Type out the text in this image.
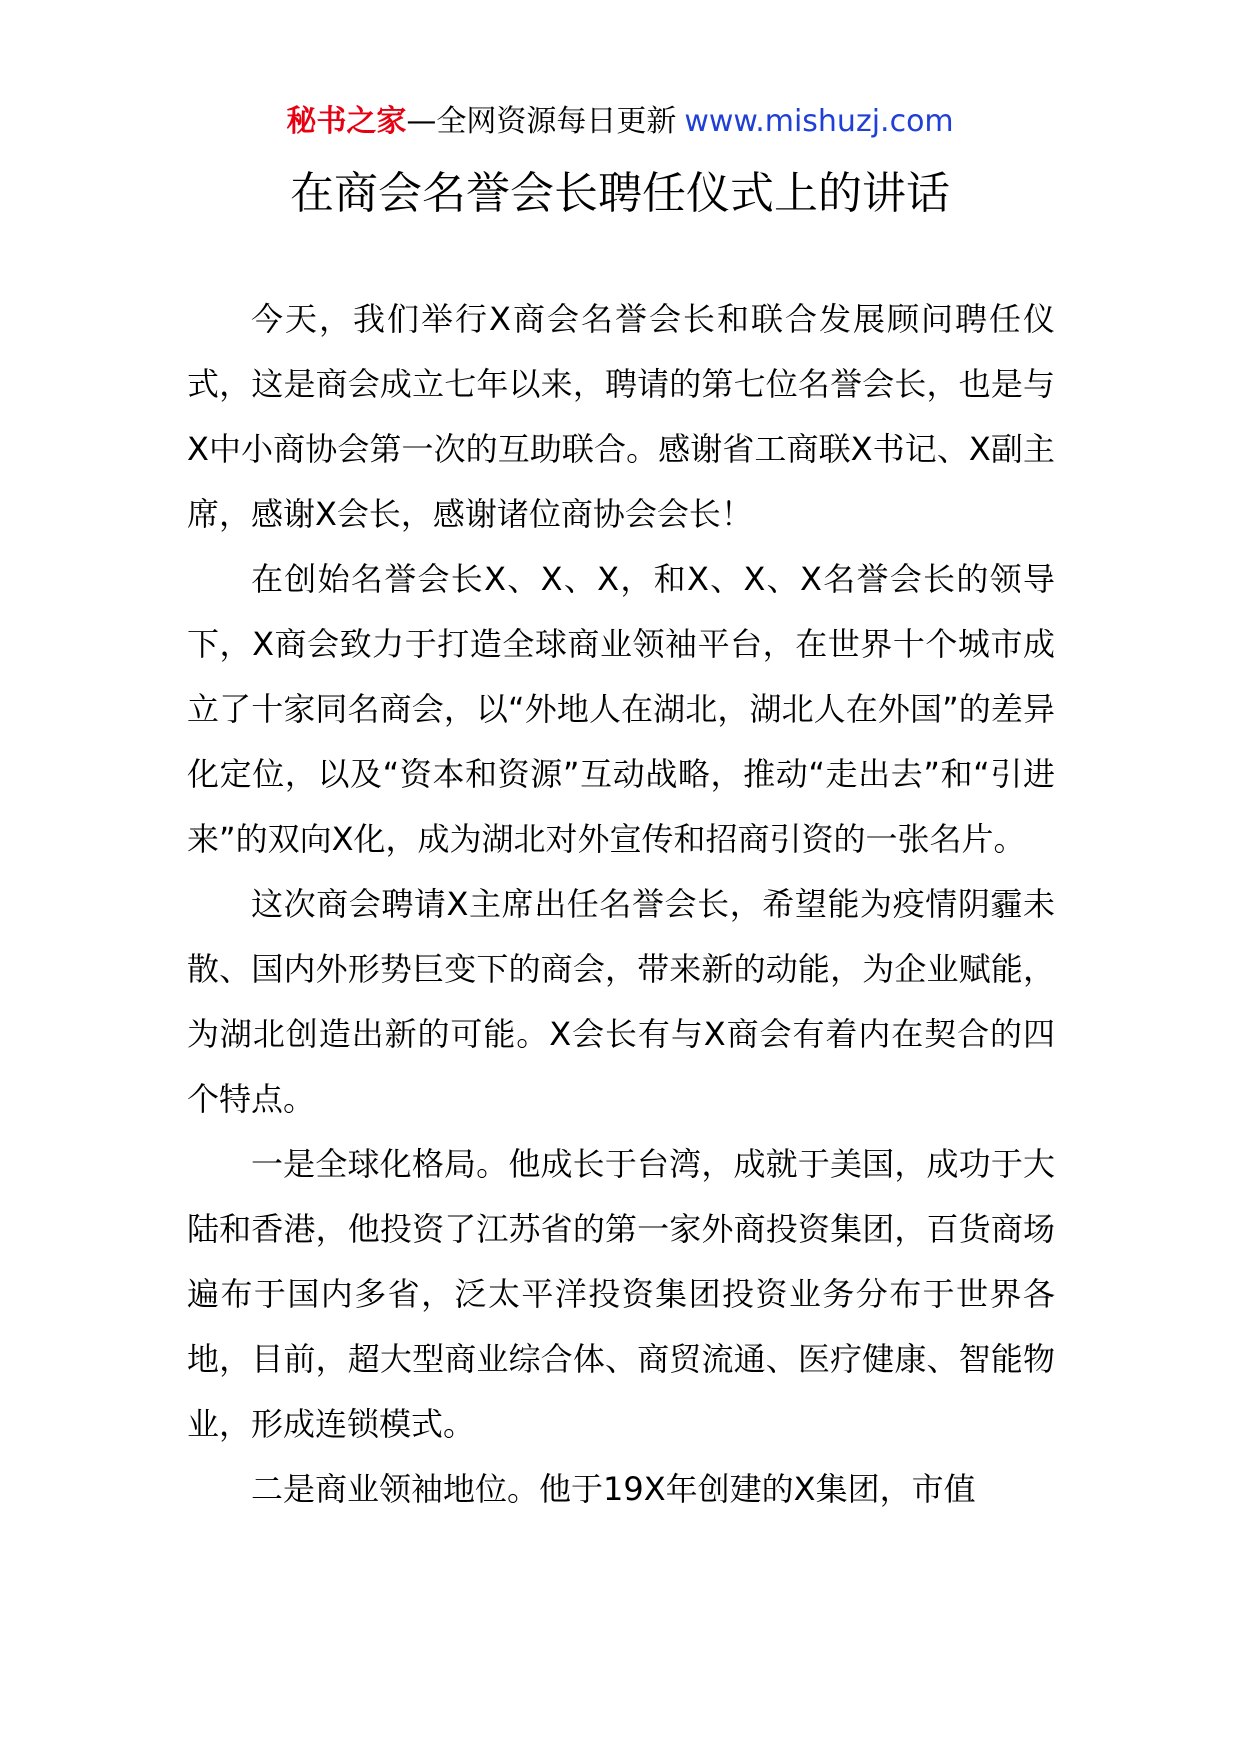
秘书之家—全网资源每日更新 www.mishuzj.com
在商会名誉会长聘任仪式上的讲话

今天，我们举行X商会名誉会长和联合发展顾问聘任仪式，这是商会成立七年以来，聘请的第七位名誉会长，也是与X中小商协会第一次的互助联合。感谢省工商联X书记、X副主席，感谢X会长，感谢诸位商协会会长！

在创始名誉会长X、X、X，和X、X、X名誉会长的领导下，X商会致力于打造全球商业领袖平台，在世界十个城市成立了十家同名商会，以“外地人在湖北，湖北人在外国”的差异化定位，以及“资本和资源”互动战略，推动“走出去”和“引进来”的双向X化，成为湖北对外宣传和招商引资的一张名片。

这次商会聘请X主席出任名誉会长，希望能为疫情阴霾未散、国内外形势巨变下的商会，带来新的动能，为企业赋能，为湖北创造出新的可能。X会长有与X商会有着内在契合的四个特点。

一是全球化格局。他成长于台湾，成就于美国，成功于大陆和香港，他投资了江苏省的第一家外商投资集团，百货商场遍布于国内多省，泛太平洋投资集团投资业务分布于世界各地，目前，超大型商业综合体、商贸流通、医疗健康、智能物业，形成连锁模式。

二是商业领袖地位。他于19X年创建的X集团，市值
